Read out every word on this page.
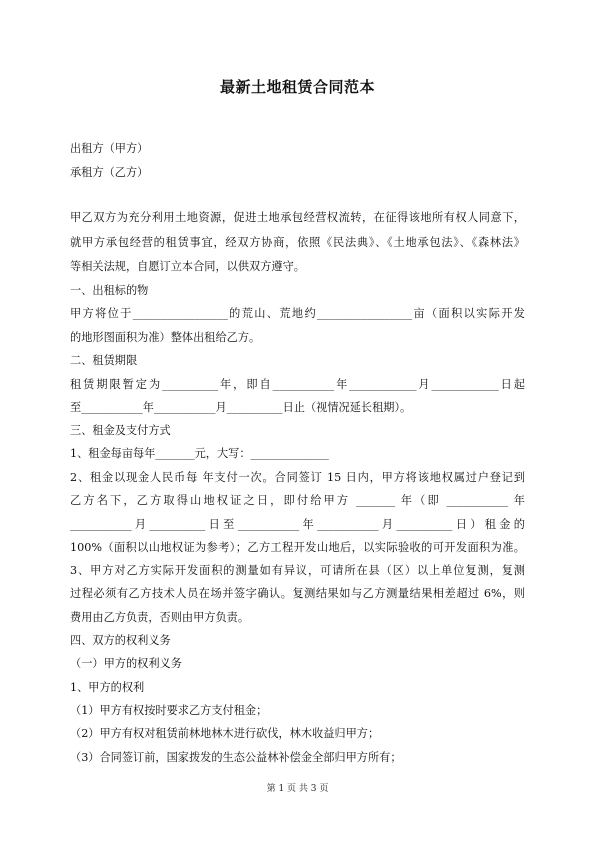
最新土地租赁合同范本
出租方（甲方）
承租方（乙方）
甲乙双方为充分利用土地资源，促进土地承包经营权流转，在征得该地所有权人同意下，
就甲方承包经营的租赁事宜，经双方协商，依照《民法典》、《土地承包法》、《森林法》
等相关法规，自愿订立本合同，以供双方遵守。
一、出租标的物
甲方将位于_________________的荒山、荒地约_________________亩（面积以实际开发
的地形图面积为准）整体出租给乙方。
二、租赁期限
租赁期限暂定为__________年，即自___________年____________月____________日起
至___________年___________月__________日止（视情况延长租期）。
三、租金及支付方式
1、租金每亩每年_______元，大写：______________
2、租金以现金人民币每 年支付一次。合同签订 15 日内，甲方将该地权属过户登记到
乙方名下，乙方取得山地权证之日，即付给甲方 _______ 年（即 ___________ 年
___________月__________日至___________年___________月__________日）租金的
100%（面积以山地权证为参考）；乙方工程开发山地后，以实际验收的可开发面积为准。
3、甲方对乙方实际开发面积的测量如有异议，可请所在县（区）以上单位复测，复测
过程必须有乙方技术人员在场并签字确认。复测结果如与乙方测量结果相差超过 6%，则
费用由乙方负责，否则由甲方负责。
四、双方的权利义务
（一）甲方的权利义务
1、甲方的权利
（1）甲方有权按时要求乙方支付租金；
（2）甲方有权对租赁前林地林木进行砍伐，林木收益归甲方；
（3）合同签订前，国家拨发的生态公益林补偿金全部归甲方所有；
第 1 页 共 3 页
